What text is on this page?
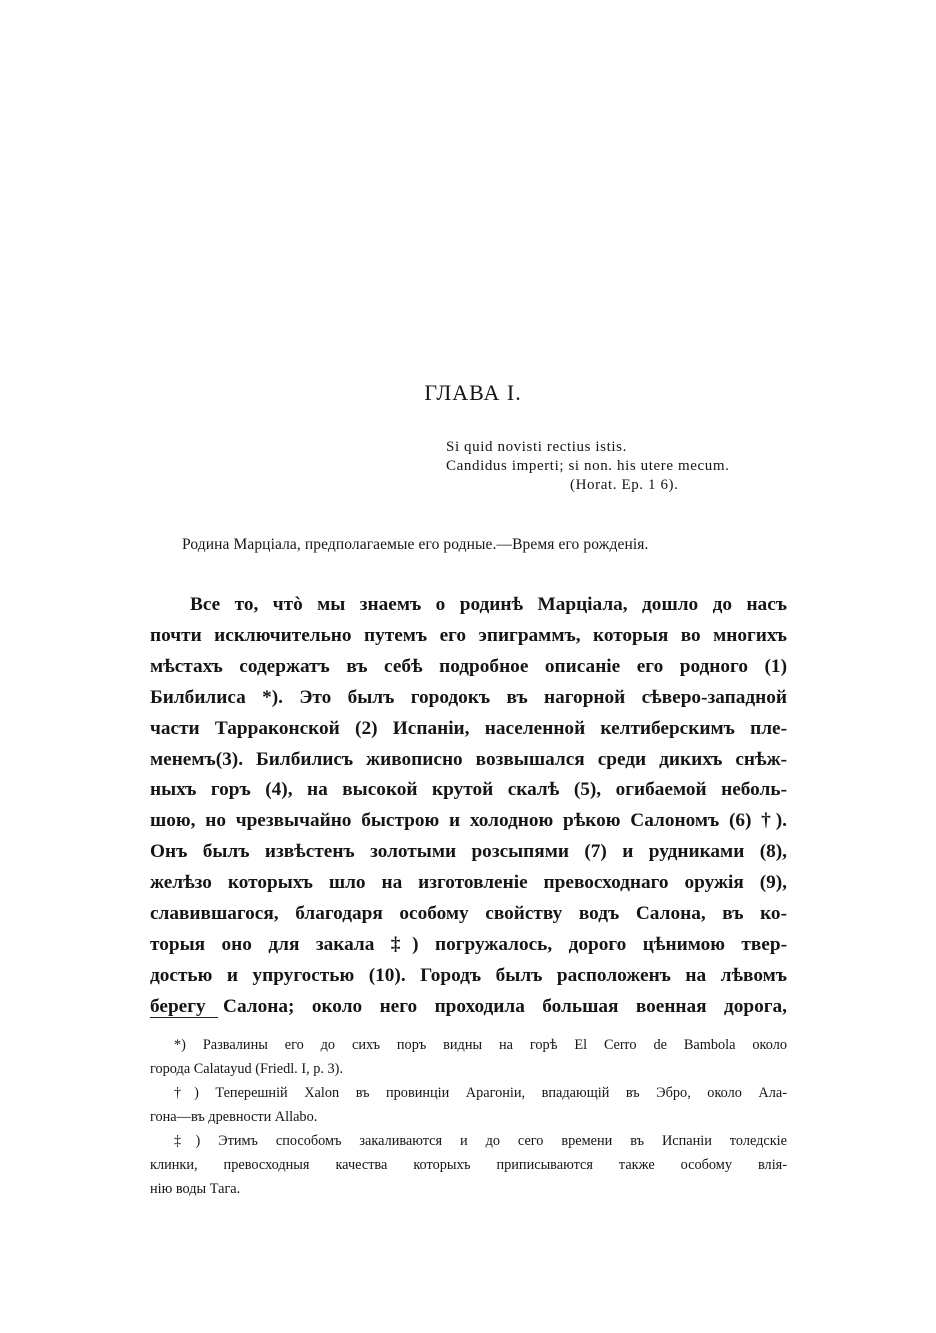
ГЛАВА I.
Si quid novisti rectius istis.
Candidus imperti; si non. his utere mecum.
(Horat. Ep. 1 6).
Родина Марціала, предполагаемые его родные.—Время его рожденія.
Все то, чтò мы знаемъ о родинѣ Марціала, дошло до насъ
почти исключительно путемъ его эпиграммъ, которыя во многихъ
мѣстахъ содержатъ въ себѣ подробное описаніе его родного (1)
Билбилиса *). Это былъ городокъ въ нагорной сѣверо-западной
части Тарраконской (2) Испаніи, населенной келтиберскимъ пле-
менемъ(3). Билбилисъ живописно возвышался среди дикихъ снѣж-
ныхъ горъ (4), на высокой крутой скалѣ (5), огибаемой неболь-
шою, но чрезвычайно быстрою и холодною рѣкою Салономъ (6) †).
Онъ былъ извѣстенъ золотыми розсыпями (7) и рудниками (8),
желѣзо которыхъ шло на изготовленіе превосходнаго оружія (9),
славившагося, благодаря особому свойству водъ Салона, въ ко-
торыя оно для закала ‡) погружалось, дорого цѣнимою твер-
достью и упругостью (10). Городъ былъ расположенъ на лѣвомъ
берегу Салона; около него проходила большая военная дорога,
*) Развалины его до сихъ поръ видны на горѣ El Cerro de Bambola около
города Calatayud (Friedl. I, p. 3).
†) Теперешній Xalon въ провинціи Арагоніи, впадающій въ Эбро, около Ала-
гона—въ древности Allabo.
‡) Этимъ способомъ закаливаются и до сего времени въ Испаніи толедскіе
клинки, превосходныя качества которыхъ приписываются также особому влія-
нію воды Тага.
